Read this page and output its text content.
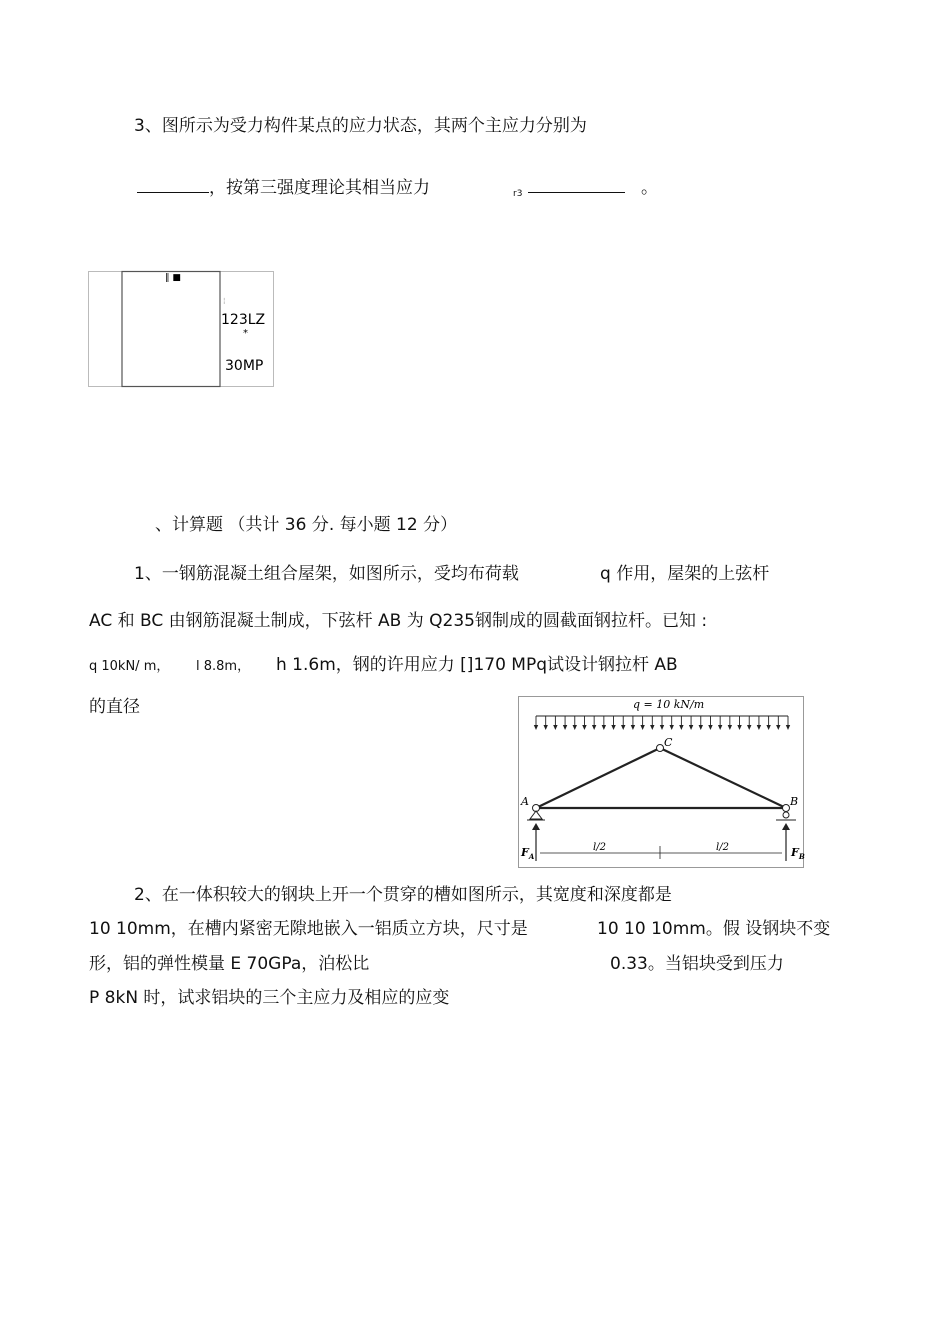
3、图所示为受力构件某点的应力状态，其两个主应力分别为
，按第三强度理论其相当应力	r3	。
‖ ■
¦
123LZ
*
30MP
、计算题 （共计 36 分. 每小题 12 分）
1、一钢筋混凝土组合屋架，如图所示，受均布荷载	q 作用，屋架的上弦杆
AC 和 BC 由钢筋混凝土制成，下弦杆 AB 为 Q235钢制成的圆截面钢拉杆。已知 :
q 10kN/ m， l 8.8m， h 1.6m，钢的许用应力 []170 MPq试设计钢拉杆 AB
的直径	q = 10 kN/m
C
A	B
$F_A$	$F_B$
l/2	l/2
2、在一体积较大的钢块上开一个贯穿的槽如图所示，其宽度和深度都是
10 10mm，在槽内紧密无隙地嵌入一铝质立方块，尺寸是	10 10 10mm。假 设钢块不变
形，铝的弹性模量 E 70GPa，泊松比	0.33。当铝块受到压力
P 8kN 时，试求铝块的三个主应力及相应的应变
